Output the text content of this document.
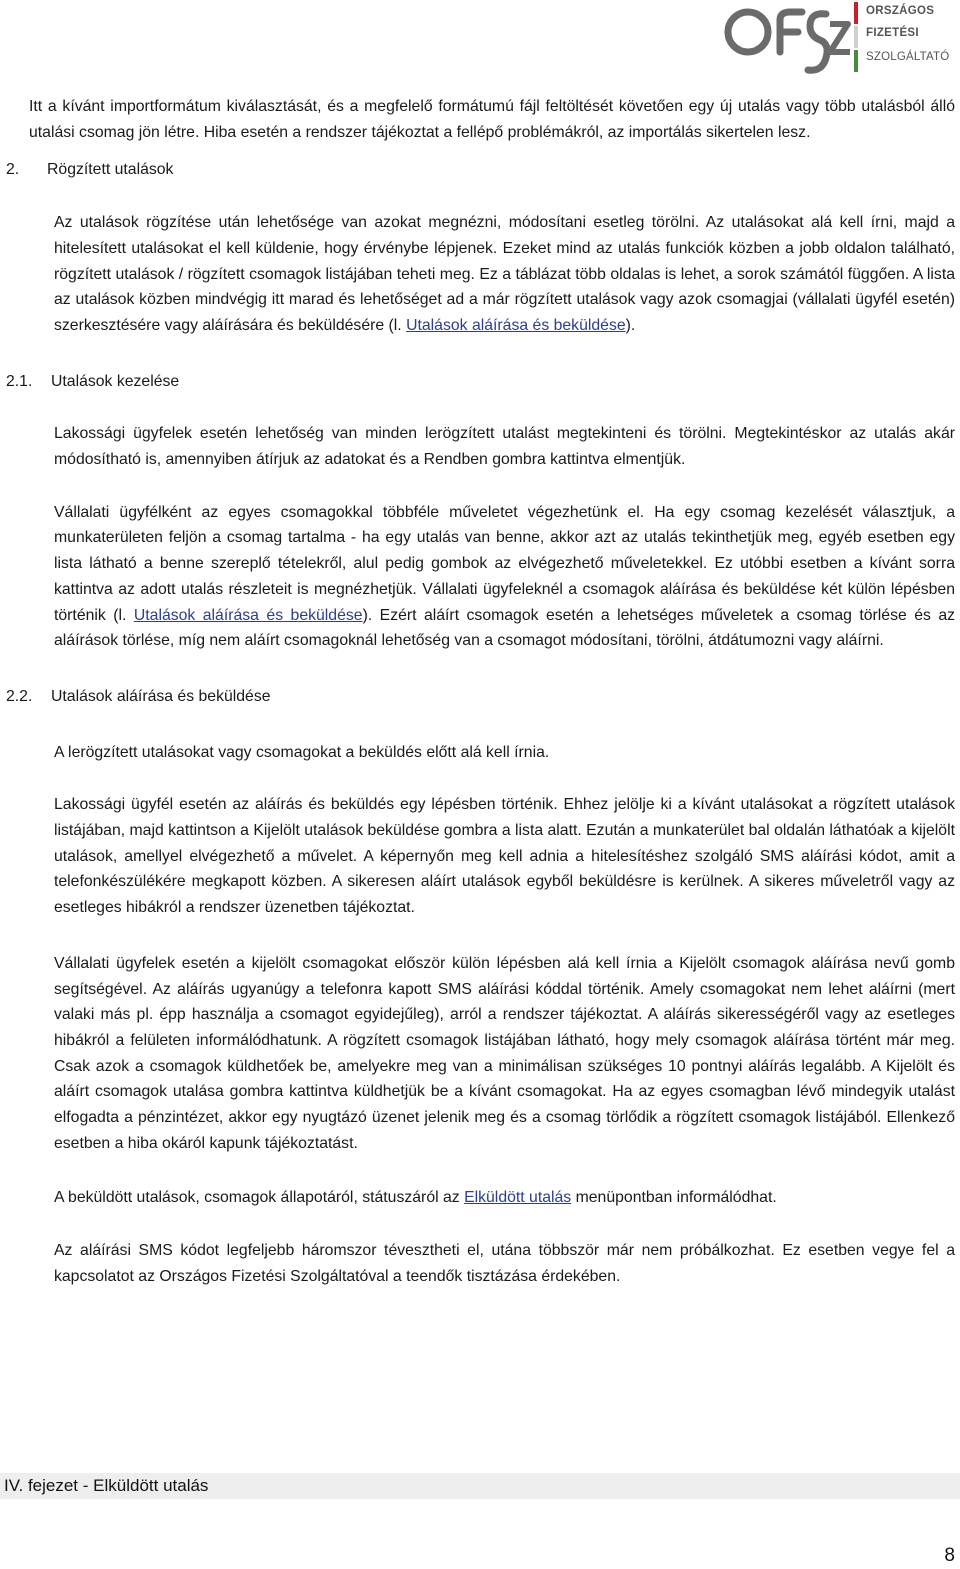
ORSZÁGOS
FIZETÉSI
SZOLGÁLTATÓ

Itt a kívánt importformátum kiválasztását, és a megfelelő formátumú fájl feltöltését követően egy új utalás vagy több utalásból álló utalási csomag jön létre. Hiba esetén a rendszer tájékoztat a fellépő problémákról, az importálás sikertelen lesz.

2. Rögzített utalások

Az utalások rögzítése után lehetősége van azokat megnézni, módosítani esetleg törölni. Az utalásokat alá kell írni, majd a hitelesített utalásokat el kell küldenie, hogy érvénybe lépjenek. Ezeket mind az utalás funkciók közben a jobb oldalon található, rögzített utalások / rögzített csomagok listájában teheti meg. Ez a táblázat több oldalas is lehet, a sorok számától függően. A lista az utalások közben mindvégig itt marad és lehetőséget ad a már rögzített utalások vagy azok csomagjai (vállalati ügyfél esetén) szerkesztésére vagy aláírására és beküldésére (l. Utalások aláírása és beküldése).

2.1. Utalások kezelése

Lakossági ügyfelek esetén lehetőség van minden lerögzített utalást megtekinteni és törölni. Megtekintéskor az utalás akár módosítható is, amennyiben átírjuk az adatokat és a Rendben gombra kattintva elmentjük.

Vállalati ügyfélként az egyes csomagokkal többféle műveletet végezhetünk el. Ha egy csomag kezelését választjuk, a munkaterületen feljön a csomag tartalma - ha egy utalás van benne, akkor azt az utalás tekinthetjük meg, egyéb esetben egy lista látható a benne szereplő tételekről, alul pedig gombok az elvégezhető műveletekkel. Ez utóbbi esetben a kívánt sorra kattintva az adott utalás részleteit is megnézhetjük. Vállalati ügyfeleknél a csomagok aláírása és beküldése két külön lépésben történik (l. Utalások aláírása és beküldése). Ezért aláírt csomagok esetén a lehetséges műveletek a csomag törlése és az aláírások törlése, míg nem aláírt csomagoknál lehetőség van a csomagot módosítani, törölni, átdátumozni vagy aláírni.

2.2. Utalások aláírása és beküldése

A lerögzített utalásokat vagy csomagokat a beküldés előtt alá kell írnia.

Lakossági ügyfél esetén az aláírás és beküldés egy lépésben történik. Ehhez jelölje ki a kívánt utalásokat a rögzített utalások listájában, majd kattintson a Kijelölt utalások beküldése gombra a lista alatt. Ezután a munkaterület bal oldalán láthatóak a kijelölt utalások, amellyel elvégezhető a művelet. A képernyőn meg kell adnia a hitelesítéshez szolgáló SMS aláírási kódot, amit a telefonkészülékére megkapott közben. A sikeresen aláírt utalások egyből beküldésre is kerülnek. A sikeres műveletről vagy az esetleges hibákról a rendszer üzenetben tájékoztat.

Vállalati ügyfelek esetén a kijelölt csomagokat először külön lépésben alá kell írnia a Kijelölt csomagok aláírása nevű gomb segítségével. Az aláírás ugyanúgy a telefonra kapott SMS aláírási kóddal történik. Amely csomagokat nem lehet aláírni (mert valaki más pl. épp használja a csomagot egyidejűleg), arról a rendszer tájékoztat. A aláírás sikerességéről vagy az esetleges hibákról a felületen informálódhatunk. A rögzített csomagok listájában látható, hogy mely csomagok aláírása történt már meg. Csak azok a csomagok küldhetőek be, amelyekre meg van a minimálisan szükséges 10 pontnyi aláírás legalább. A Kijelölt és aláírt csomagok utalása gombra kattintva küldhetjük be a kívánt csomagokat. Ha az egyes csomagban lévő mindegyik utalást elfogadta a pénzintézet, akkor egy nyugtázó üzenet jelenik meg és a csomag törlődik a rögzített csomagok listájából. Ellenkező esetben a hiba okáról kapunk tájékoztatást.

A beküldött utalások, csomagok állapotáról, státuszáról az Elküldött utalás menüpontban informálódhat.

Az aláírási SMS kódot legfeljebb háromszor tévesztheti el, utána többször már nem próbálkozhat. Ez esetben vegye fel a kapcsolatot az Országos Fizetési Szolgáltatóval a teendők tisztázása érdekében.

IV. fejezet - Elküldött utalás
8
